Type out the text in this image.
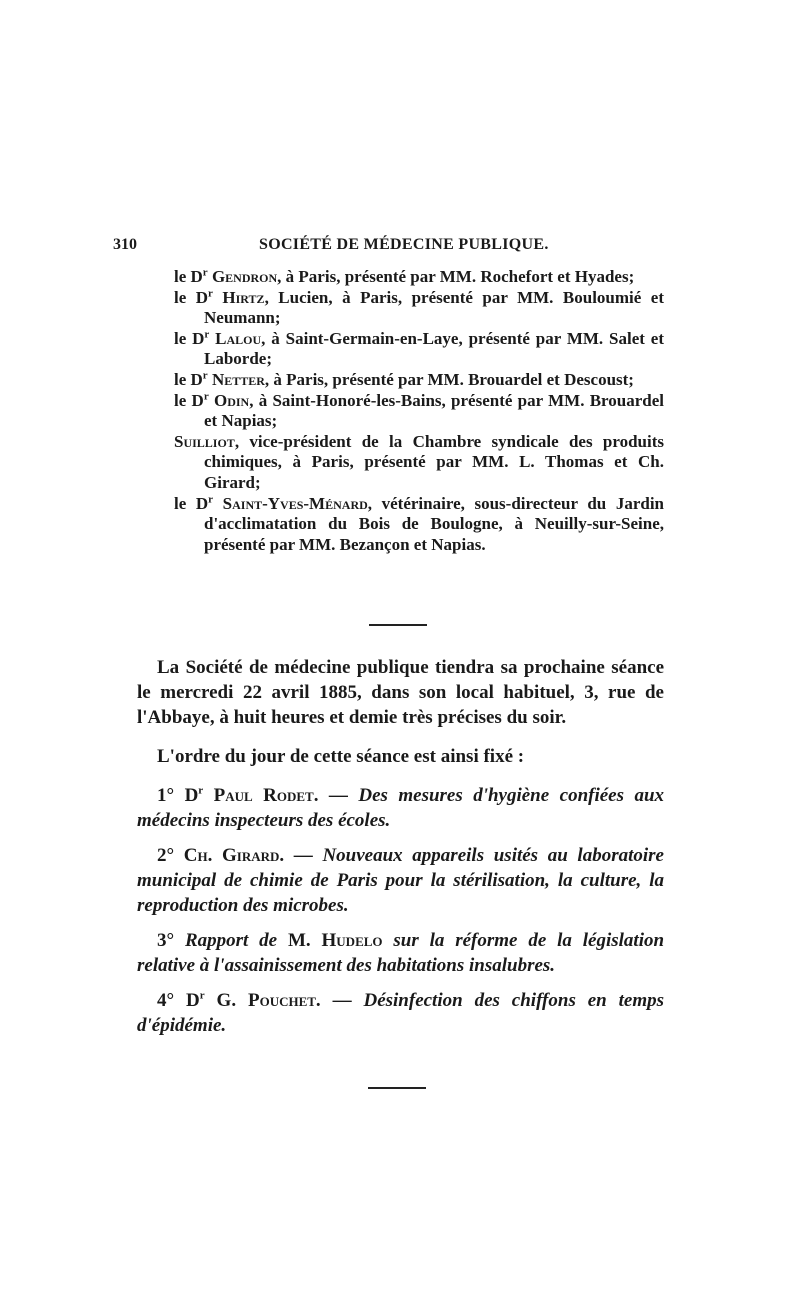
310	SOCIÉTÉ DE MÉDECINE PUBLIQUE.
le $D^r$ Gendron, à Paris, présenté par MM. Rochefort et Hyades;
le $D^r$ Hirtz, Lucien, à Paris, présenté par MM. Bouloumié et Neumann;
le $D^r$ Lalou, à Saint-Germain-en-Laye, présenté par MM. Salet et Laborde;
le $D^r$ Netter, à Paris, présenté par MM. Brouardel et Descoust;
le $D^r$ Odin, à Saint-Honoré-les-Bains, présenté par MM. Brouardel et Napias;
Suilliot, vice-président de la Chambre syndicale des produits chimiques, à Paris, présenté par MM. L. Thomas et Ch. Girard;
le $D^r$ Saint-Yves-Ménard, vétérinaire, sous-directeur du Jardin d'acclimatation du Bois de Boulogne, à Neuilly-sur-Seine, présenté par MM. Bezançon et Napias.

La Société de médecine publique tiendra sa prochaine séance le mercredi 22 avril 1885, dans son local habituel, 3, rue de l'Abbaye, à huit heures et demie très précises du soir.

L'ordre du jour de cette séance est ainsi fixé :

1° $D^r$ Paul Rodet. — Des mesures d'hygiène confiées aux médecins inspecteurs des écoles.

2° Ch. Girard. — Nouveaux appareils usités au laboratoire municipal de chimie de Paris pour la stérilisation, la culture, la reproduction des microbes.

3° Rapport de M. Hudelo sur la réforme de la législation relative à l'assainissement des habitations insalubres.

4° $D^r$ G. Pouchet. — Désinfection des chiffons en temps d'épidémie.
